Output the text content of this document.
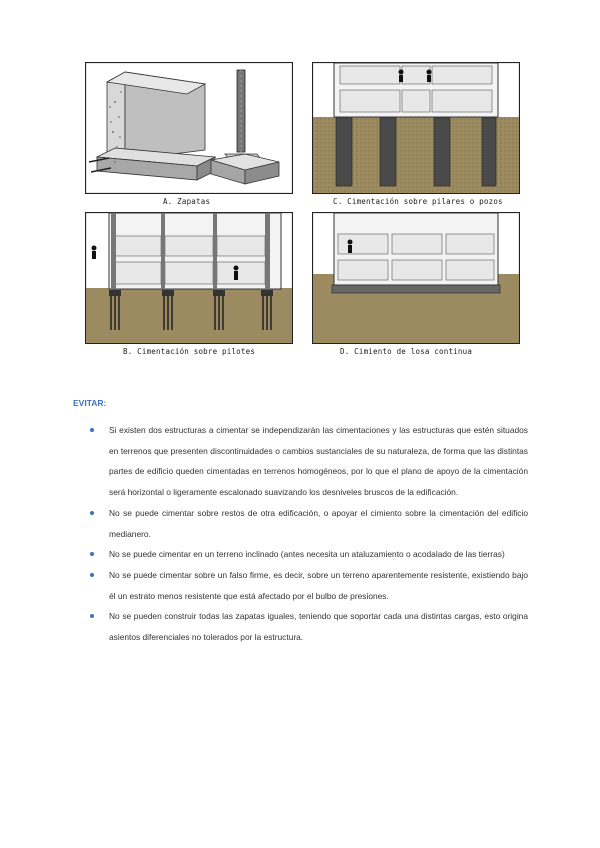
A. Zapatas	C. Cimentación sobre pilares o pozos
B. Cimentación sobre pilotes	D. Cimiento de losa continua
EVITAR:
Si existen dos estructuras a cimentar se independizarán las cimentaciones y las estructuras que estén situados en terrenos que presenten discontinuidades o cambios sustanciales de su naturaleza, de forma que las distintas partes de edificio queden cimentadas en terrenos homogéneos, por lo que el plano de apoyo de la cimentación será horizontal o ligeramente escalonado suavizando los desniveles bruscos de la edificación.
No se puede cimentar sobre restos de otra edificación, o apoyar el cimiento sobre la cimentación del edificio medianero.
No se puede cimentar en un terreno inclinado (antes necesita un ataluzamiento o acodalado de las tierras)
No se puede cimentar sobre un falso firme, es decir, sobre un terreno aparentemente resistente, existiendo bajo él un estrato menos resistente que está afectado por el bulbo de presiones.
No se pueden construir todas las zapatas iguales, teniendo que soportar cada una distintas cargas, esto origina asientos diferenciales no tolerados por la estructura.
